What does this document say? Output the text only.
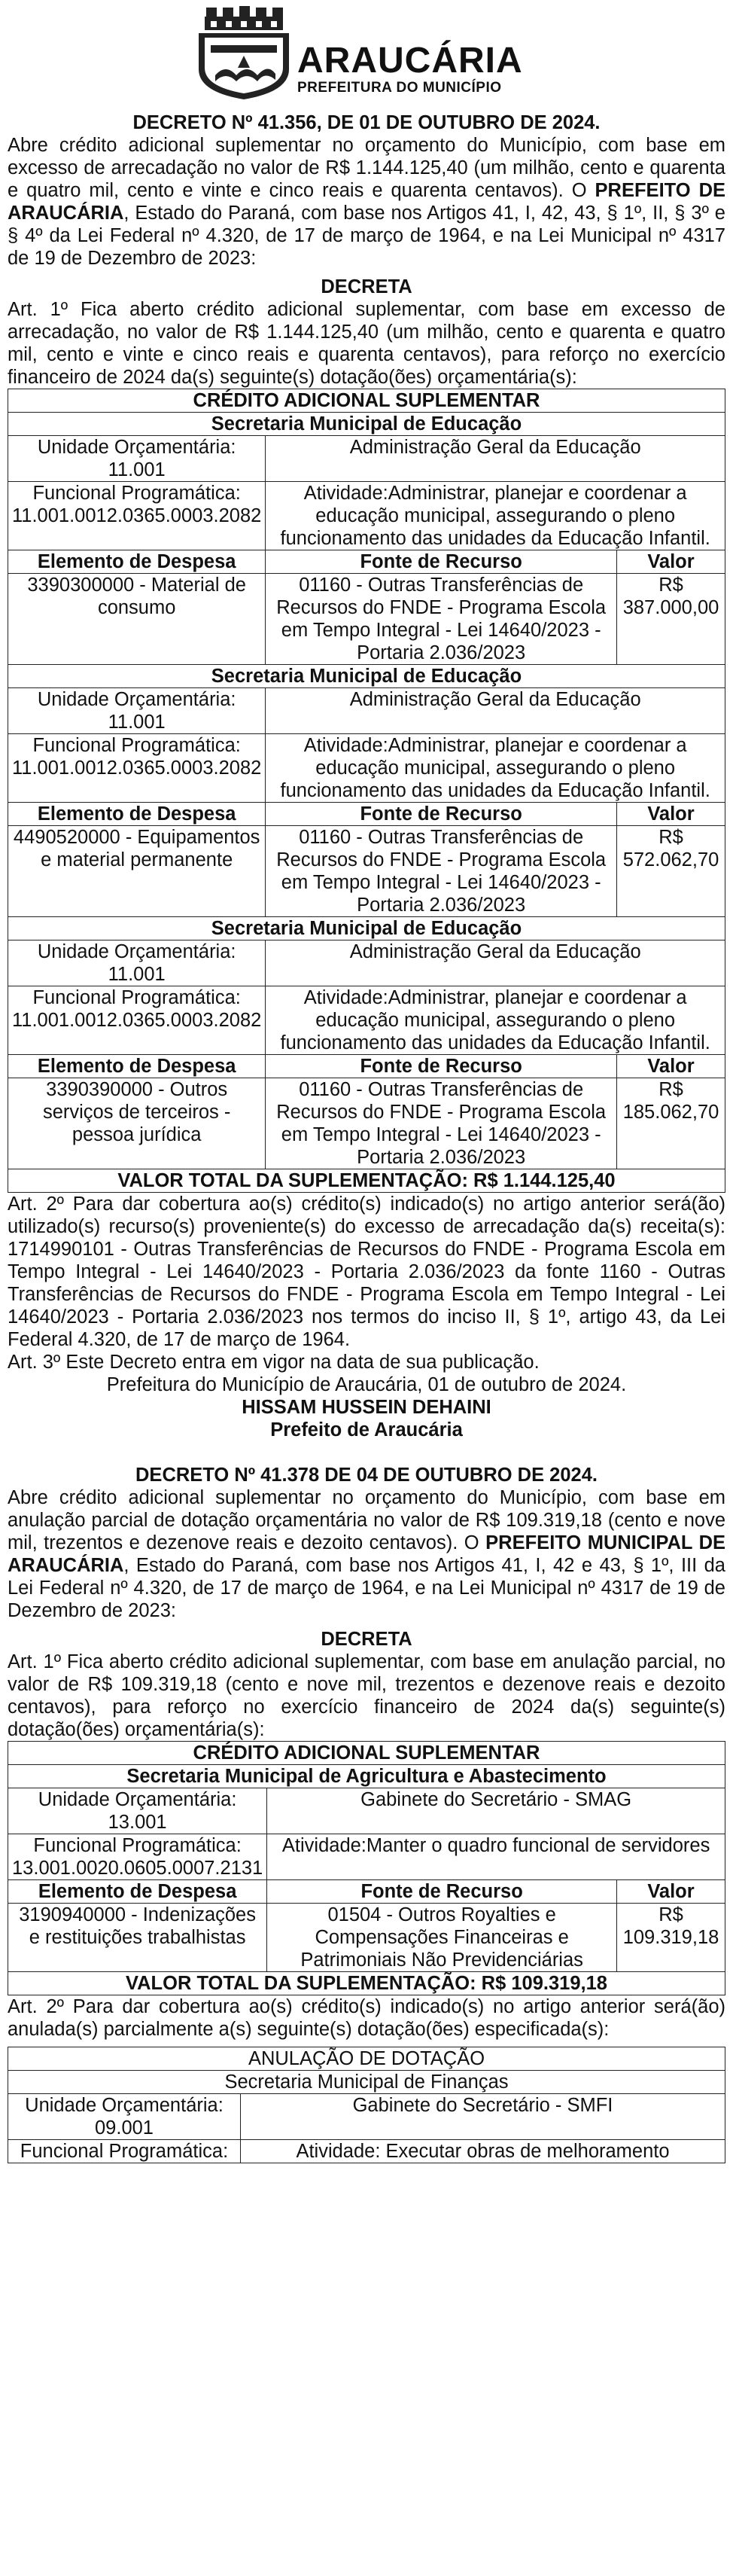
ARAUCÁRIA
PREFEITURA DO MUNICÍPIO
DECRETO Nº 41.356, DE 01 DE OUTUBRO DE 2024.

Abre crédito adicional suplementar no orçamento do Município, com base em excesso de arrecadação no valor de R$ 1.144.125,40 (um milhão, cento e quarenta e quatro mil, cento e vinte e cinco reais e quarenta centavos). O PREFEITO DE ARAUCÁRIA, Estado do Paraná, com base nos Artigos 41, I, 42, 43, § 1º, II, § 3º e § 4º da Lei Federal nº 4.320, de 17 de março de 1964, e na Lei Municipal nº 4317 de 19 de Dezembro de 2023:

DECRETA

Art. 1º Fica aberto crédito adicional suplementar, com base em excesso de arrecadação, no valor de R$ 1.144.125,40 (um milhão, cento e quarenta e quatro mil, cento e vinte e cinco reais e quarenta centavos), para reforço no exercício financeiro de 2024 da(s) seguinte(s) dotação(ões) orçamentária(s):

CRÉDITO ADICIONAL SUPLEMENTAR		
Secretaria Municipal de Educação		
Unidade Orçamentária: 11.001	Administração Geral da Educação	
Funcional Programática: 11.001.0012.0365.0003.2082	Atividade:Administrar, planejar e coordenar a educação municipal, assegurando o pleno funcionamento das unidades da Educação Infantil.	
Elemento de Despesa	Fonte de Recurso	Valor
3390300000 - Material de consumo	01160 - Outras Transferências de Recursos do FNDE - Programa Escola em Tempo Integral - Lei 14640/2023 - Portaria 2.036/2023	R$ 387.000,00
Secretaria Municipal de Educação		
Unidade Orçamentária: 11.001	Administração Geral da Educação	
Funcional Programática: 11.001.0012.0365.0003.2082	Atividade:Administrar, planejar e coordenar a educação municipal, assegurando o pleno funcionamento das unidades da Educação Infantil.	
Elemento de Despesa	Fonte de Recurso	Valor
4490520000 - Equipamentos e material permanente	01160 - Outras Transferências de Recursos do FNDE - Programa Escola em Tempo Integral - Lei 14640/2023 - Portaria 2.036/2023	R$ 572.062,70
Secretaria Municipal de Educação		
Unidade Orçamentária: 11.001	Administração Geral da Educação	
Funcional Programática: 11.001.0012.0365.0003.2082	Atividade:Administrar, planejar e coordenar a educação municipal, assegurando o pleno funcionamento das unidades da Educação Infantil.	
Elemento de Despesa	Fonte de Recurso	Valor
3390390000 - Outros serviços de terceiros - pessoa jurídica	01160 - Outras Transferências de Recursos do FNDE - Programa Escola em Tempo Integral - Lei 14640/2023 - Portaria 2.036/2023	R$ 185.062,70
VALOR TOTAL DA SUPLEMENTAÇÃO: R$ 1.144.125,40		

Art. 2º Para dar cobertura ao(s) crédito(s) indicado(s) no artigo anterior será(ão) utilizado(s) recurso(s) proveniente(s) do excesso de arrecadação da(s) receita(s): 1714990101 - Outras Transferências de Recursos do FNDE - Programa Escola em Tempo Integral - Lei 14640/2023 - Portaria 2.036/2023 da fonte 1160 - Outras Transferências de Recursos do FNDE - Programa Escola em Tempo Integral - Lei 14640/2023 - Portaria 2.036/2023 nos termos do inciso II, § 1º, artigo 43, da Lei Federal 4.320, de 17 de março de 1964.

Art. 3º Este Decreto entra em vigor na data de sua publicação.

Prefeitura do Município de Araucária, 01 de outubro de 2024.
HISSAM HUSSEIN DEHAINI
Prefeito de Araucária
DECRETO Nº 41.378 DE 04 DE OUTUBRO DE 2024.

Abre crédito adicional suplementar no orçamento do Município, com base em anulação parcial de dotação orçamentária no valor de R$ 109.319,18 (cento e nove mil, trezentos e dezenove reais e dezoito centavos). O PREFEITO MUNICIPAL DE ARAUCÁRIA, Estado do Paraná, com base nos Artigos 41, I, 42 e 43, § 1º, III da Lei Federal nº 4.320, de 17 de março de 1964, e na Lei Municipal nº 4317 de 19 de Dezembro de 2023:

DECRETA

Art. 1º Fica aberto crédito adicional suplementar, com base em anulação parcial, no valor de R$ 109.319,18 (cento e nove mil, trezentos e dezenove reais e dezoito centavos), para reforço no exercício financeiro de 2024 da(s) seguinte(s) dotação(ões) orçamentária(s):

CRÉDITO ADICIONAL SUPLEMENTAR		
Secretaria Municipal de Agricultura e Abastecimento		
Unidade Orçamentária: 13.001	Gabinete do Secretário - SMAG	
Funcional Programática: 13.001.0020.0605.0007.2131	Atividade:Manter o quadro funcional de servidores	
Elemento de Despesa	Fonte de Recurso	Valor
3190940000 - Indenizações e restituições trabalhistas	01504 - Outros Royalties e Compensações Financeiras e Patrimoniais Não Previdenciárias	R$ 109.319,18
VALOR TOTAL DA SUPLEMENTAÇÃO: R$ 109.319,18		

Art. 2º Para dar cobertura ao(s) crédito(s) indicado(s) no artigo anterior será(ão) anulada(s) parcialmente a(s) seguinte(s) dotação(ões) especificada(s):

ANULAÇÃO DE DOTAÇÃO	
Secretaria Municipal de Finanças	
Unidade Orçamentária: 09.001	Gabinete do Secretário - SMFI
Funcional Programática:	Atividade: Executar obras de melhoramento
